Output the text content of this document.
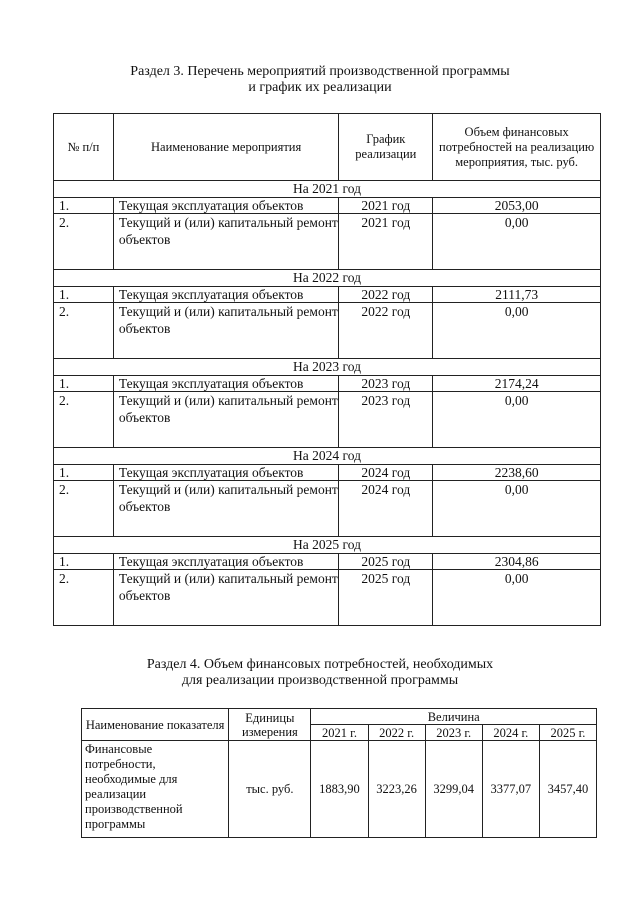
Раздел 3. Перечень мероприятий производственной программы
и график их реализации
№ п/п	Наименование мероприятия	График реализации	Объем финансовых потребностей на реализацию мероприятия, тыс. руб.
На 2021 год			
1.	Текущая эксплуатация объектов	2021 год	2053,00
2.	Текущий и (или) капитальный ремонт объектов	2021 год	0,00
На 2022 год			
1.	Текущая эксплуатация объектов	2022 год	2111,73
2.	Текущий и (или) капитальный ремонт объектов	2022 год	0,00
На 2023 год			
1.	Текущая эксплуатация объектов	2023 год	2174,24
2.	Текущий и (или) капитальный ремонт объектов	2023 год	0,00
На 2024 год			
1.	Текущая эксплуатация объектов	2024 год	2238,60
2.	Текущий и (или) капитальный ремонт объектов	2024 год	0,00
На 2025 год			
1.	Текущая эксплуатация объектов	2025 год	2304,86
2.	Текущий и (или) капитальный ремонт объектов	2025 год	0,00
Раздел 4. Объем финансовых потребностей, необходимых
для реализации производственной программы
Наименование показателя	Единицы измерения	Величина				
		2021 г.	2022 г.	2023 г.	2024 г.	2025 г.
Финансовые потребности, необходимые для реализации производственной программы	тыс. руб.	1883,90	3223,26	3299,04	3377,07	3457,40
